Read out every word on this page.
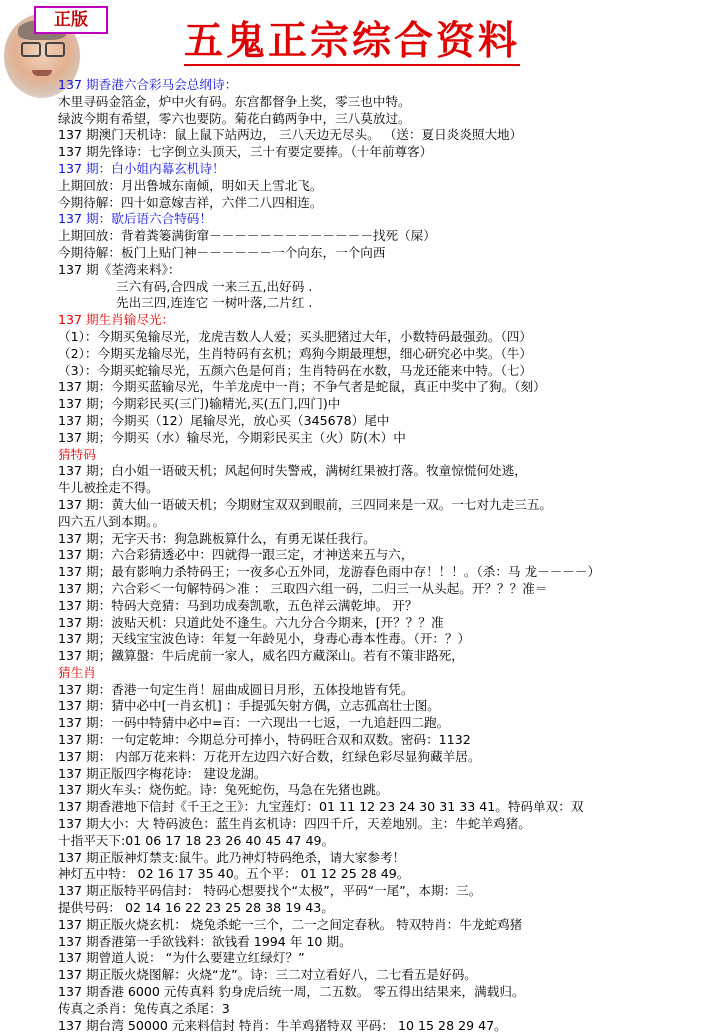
正版	五鬼正宗综合资料
137 期香港六合彩马会总纲诗：
木里寻码金箔金，炉中火有码。东宫都督争上奖，零三也中特。
绿波今期有希望，零六也要防。菊花白鹤两争中，三八莫放过。
137 期澳门天机诗：鼠上鼠下站两边， 三八天边无尽头。 （送：夏日炎炎照大地）
137 期先锋诗：七字倒立头顶天，三十有要定要捧。（十年前尊客）
137 期：白小姐内幕玄机诗！
上期回放：月出鲁城东南倾，明如天上雪北飞。
今期待解：四十如意嫁吉祥，六伴二八四相连。
137 期：歇后语六合特码！
上期回放：背着粪篓满街窜－－－－－－－－－－－－－找死（屎）
今期待解：板门上贴门神－－－－－－一个向东，一个向西
137 期《荃湾来料》：
三六有码,合四成 一来三五,出好码 .
先出三四,连连它 一树叶落,二片红 .
137 期生肖输尽光：
（1）：今期买兔输尽光，龙虎吉数人人爱；买头肥猪过大年，小数特码最强劲。（四）
（2）：今期买龙输尽光，生肖特码有玄机；鸡狗今期最理想，细心研究必中奖。（牛）
（3）：今期买蛇输尽光，五颜六色是何肖；生肖特码在水数，马龙还能来中特。（七）
137 期：今期买蓝输尽光，牛羊龙虎中一肖；不争气者是蛇鼠，真正中奖中了狗。（刻）
137 期；今期彩民买(三门)输精光,买(五门,四门)中
137 期；今期买（12）尾输尽光，放心买（345678）尾中
137 期；今期买（水）输尽光，今期彩民买主（火）防(木）中
猜特码
137 期；白小姐一语破天机；风起何时失警戒，满树红果被打落。牧童惊慌何处逃，
牛儿被拴走不得。
137 期：黄大仙一语破天机；今期财宝双双到眼前，三四同来是一双。一七对九走三五。
四六五八到本期。。
137 期；无字天书：狗急跳板算什么，有勇无谋任我行。
137 期：六合彩猜透必中：四就得一跟三定，才神送来五与六，
137 期；最有影响力杀特码王；一夜多心五外同，龙游春色雨中存！！！。（杀：马 龙－－－－）
137 期；六合彩＜一句解特码＞准 ： 三取四六组一码，二归三一从头起。开？？？准＝
137 期：特码大竞猜：马到功成奏凯歌，五色祥云满乾坤。 开？
137 期：波贴天机：只道此处不逢生。六九分合今期来，[开？？？准
137 期；天线宝宝波色诗：年复一年龄见小，身毒心毒本性毒。（开：？）
137 期；鐵算盤：牛后虎前一家人，威名四方藏深山。若有不策非路死，
猜生肖
137 期：香港一句定生肖！屈曲成圆日月形，五体投地皆有凭。
137 期：猜中必中[一肖玄机] ：手提弧矢射方偶，立志孤高壮士图。
137 期：一码中特猜中必中=百：一六现出一七返，一九追赶四二跑。
137 期：一句定乾坤：今期总分可捧小，特码旺合双和双数。密码：1132
137 期： 内部万花来料：万花开左边四六好合数，红绿色彩尽显狗藏羊居。
137 期正版四字梅花诗： 建设龙湖。
137 期火车头：烧伤蛇。诗：兔死蛇伤，马急在先猪也跳。
137 期香港地下信封《千王之王》：九宝莲灯：01 11 12 23 24 30 31 33 41。特码单双：双
137 期大小：大 特码波色：蓝生肖玄机诗：四四千斤，天差地别。主：牛蛇羊鸡猪。
十指平天下:01 06 17 18 23 26 40 45 47 49。
137 期正版神灯禁支:鼠牛。此乃神灯特码绝杀，请大家参考！
神灯五中特： 02 16 17 35 40。五个平： 01 12 25 28 49。
137 期正版特平码信封： 特码心想要找个“太极”，平码“一尾”，本期：三。
提供号码： 02 14 16 22 23 25 28 38 19 43。
137 期正版火烧玄机： 烧兔杀蛇一三个，二一之间定春秋。 特双特肖：牛龙蛇鸡猪
137 期香港第一手欲钱料：欲钱看 1994 年 10 期。
137 期曾道人说： “为什么要建立红绿灯？”
137 期正版火烧图解：火烧“龙”。诗：三二对立看好八，二七看五是好码。
137 期香港 6000 元传真料 豹身虎后统一周，二五数。 零五得出结果来，满载归。
传真之杀肖：兔传真之杀尾：3
137 期台湾 50000 元来料信封 特肖：牛羊鸡猪特双 平码： 10 15 28 29 47。
